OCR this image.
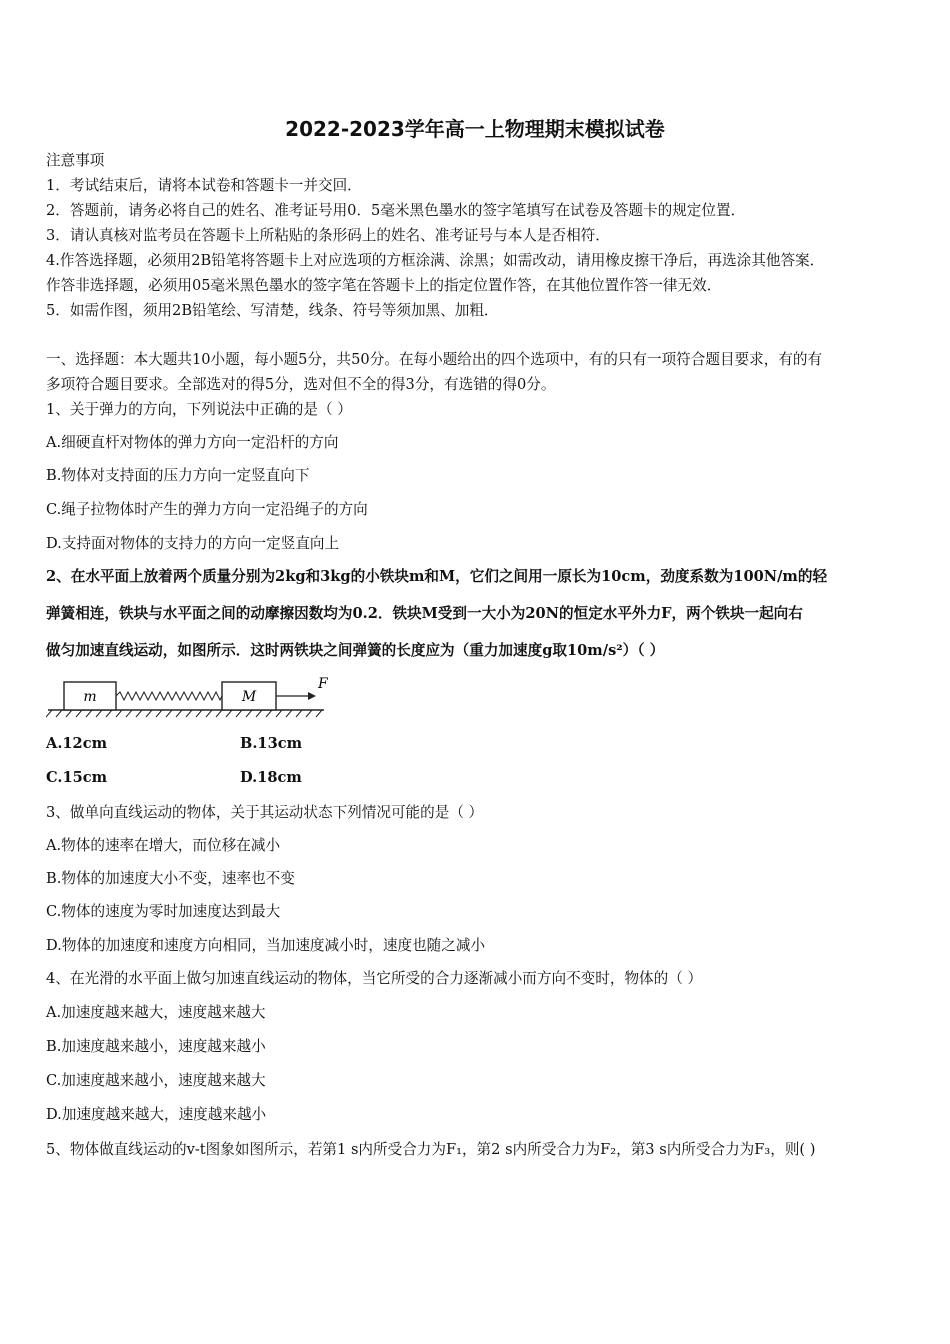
2022-2023学年高一上物理期末模拟试卷
注意事项
1．考试结束后，请将本试卷和答题卡一并交回．
2．答题前，请务必将自己的姓名、准考证号用0．5毫米黑色墨水的签字笔填写在试卷及答题卡的规定位置．
3．请认真核对监考员在答题卡上所粘贴的条形码上的姓名、准考证号与本人是否相符．
4.作答选择题，必须用2B铅笔将答题卡上对应选项的方框涂满、涂黑；如需改动，请用橡皮擦干净后，再选涂其他答案．
作答非选择题，必须用05毫米黑色墨水的签字笔在答题卡上的指定位置作答，在其他位置作答一律无效．
5．如需作图，须用2B铅笔绘、写清楚，线条、符号等须加黑、加粗．
一、选择题：本大题共10小题，每小题5分，共50分。在每小题给出的四个选项中，有的只有一项符合题目要求，有的有
多项符合题目要求。全部选对的得5分，选对但不全的得3分，有选错的得0分。
1、关于弹力的方向，下列说法中正确的是（ ）
A.细硬直杆对物体的弹力方向一定沿杆的方向
B.物体对支持面的压力方向一定竖直向下
C.绳子拉物体时产生的弹力方向一定沿绳子的方向
D.支持面对物体的支持力的方向一定竖直向上
2、在水平面上放着两个质量分别为2kg和3kg的小铁块m和M，它们之间用一原长为10cm，劲度系数为100N/m的轻
弹簧相连，铁块与水平面之间的动摩擦因数均为0.2．铁块M受到一大小为20N的恒定水平外力F，两个铁块一起向右
做匀加速直线运动，如图所示．这时两铁块之间弹簧的长度应为（重力加速度g取10m/s²）（ ）
m	M
F
A.12cm	B.13cm
C.15cm	D.18cm
3、做单向直线运动的物体，关于其运动状态下列情况可能的是（ ）
A.物体的速率在增大，而位移在减小
B.物体的加速度大小不变，速率也不变
C.物体的速度为零时加速度达到最大
D.物体的加速度和速度方向相同，当加速度减小时，速度也随之减小
4、在光滑的水平面上做匀加速直线运动的物体，当它所受的合力逐渐减小而方向不变时，物体的（ ）
A.加速度越来越大，速度越来越大
B.加速度越来越小，速度越来越小
C.加速度越来越小，速度越来越大
D.加速度越来越大，速度越来越小
5、物体做直线运动的v-t图象如图所示，若第1 s内所受合力为F₁，第2 s内所受合力为F₂，第3 s内所受合力为F₃，则( )
